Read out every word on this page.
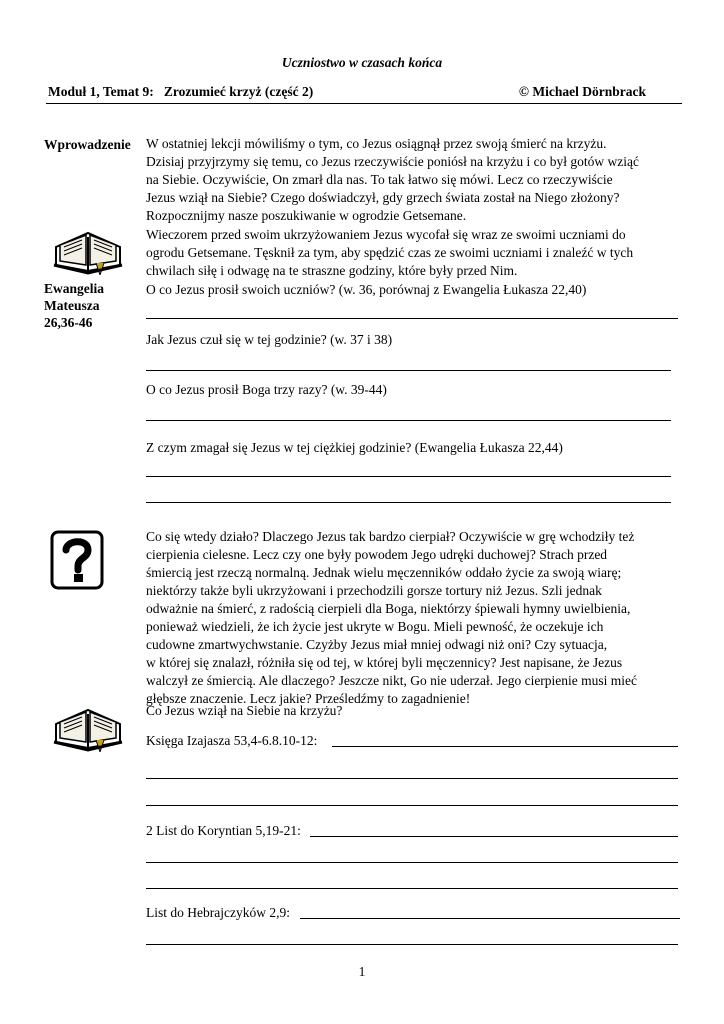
Uczniostwo w czasach końca
Moduł 1, Temat 9:   Zrozumieć krzyż (część 2)	© Michael Dörnbrack
Wprowadzenie
Ewangelia
Mateusza
26,36-46
W ostatniej lekcji mówiliśmy o tym, co Jezus osiągnął przez swoją śmierć na krzyżu.
Dzisiaj przyjrzymy się temu, co Jezus rzeczywiście poniósł na krzyżu i co był gotów wziąć
na Siebie. Oczywiście, On zmarł dla nas. To tak łatwo się mówi. Lecz co rzeczywiście
Jezus wziął na Siebie? Czego doświadczył, gdy grzech świata został na Niego złożony?
Rozpocznijmy nasze poszukiwanie w ogrodzie Getsemane.
Wieczorem przed swoim ukrzyżowaniem Jezus wycofał się wraz ze swoimi uczniami do
ogrodu Getsemane. Tęsknił za tym, aby spędzić czas ze swoimi uczniami i znaleźć w tych
chwilach siłę i odwagę na te straszne godziny, które były przed Nim.
O co Jezus prosił swoich uczniów? (w. 36, porównaj z Ewangelia Łukasza 22,40)
Jak Jezus czuł się w tej godzinie? (w. 37 i 38)
O co Jezus prosił Boga trzy razy? (w. 39-44)
Z czym zmagał się Jezus w tej ciężkiej godzinie? (Ewangelia Łukasza 22,44)
Co się wtedy działo? Dlaczego Jezus tak bardzo cierpiał? Oczywiście w grę wchodziły też
cierpienia cielesne. Lecz czy one były powodem Jego udręki duchowej? Strach przed
śmiercią jest rzeczą normalną. Jednak wielu męczenników oddało życie za swoją wiarę;
niektórzy także byli ukrzyżowani i przechodzili gorsze tortury niż Jezus. Szli jednak
odważnie na śmierć, z radością cierpieli dla Boga, niektórzy śpiewali hymny uwielbienia,
ponieważ wiedzieli, że ich życie jest ukryte w Bogu. Mieli pewność, że oczekuje ich
cudowne zmartwychwstanie. Czyżby Jezus miał mniej odwagi niż oni? Czy sytuacja,
w której się znalazł, różniła się od tej, w której byli męczennicy? Jest napisane, że Jezus
walczył ze śmiercią. Ale dlaczego? Jeszcze nikt, Go nie uderzał. Jego cierpienie musi mieć
głębsze znaczenie. Lecz jakie? Prześledźmy to zagadnienie!
Co Jezus wziął na Siebie na krzyżu?
Księga Izajasza 53,4-6.8.10-12:
2 List do Koryntian 5,19-21:
List do Hebrajczyków 2,9:
1
